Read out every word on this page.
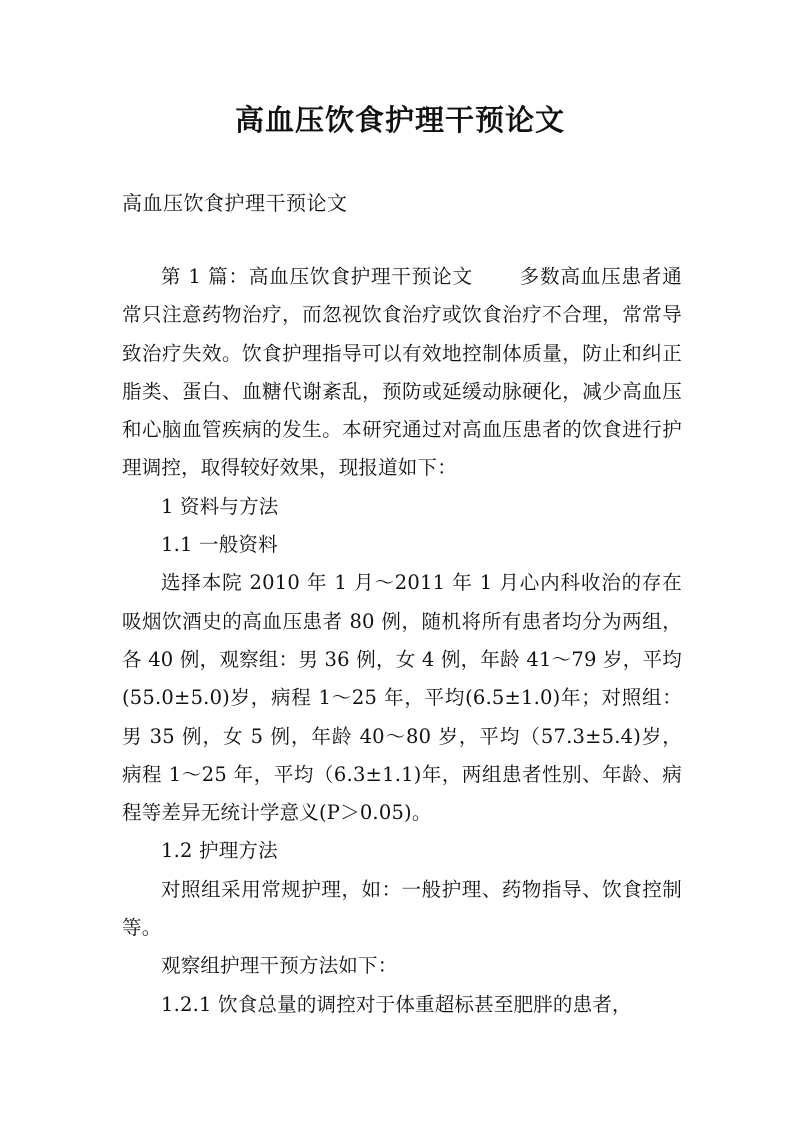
高血压饮食护理干预论文
高血压饮食护理干预论文

第 1 篇：高血压饮食护理干预论文 多数高血压患者通常只注意药物治疗，而忽视饮食治疗或饮食治疗不合理，常常导致治疗失效。饮食护理指导可以有效地控制体质量，防止和纠正脂类、蛋白、血糖代谢紊乱，预防或延缓动脉硬化，减少高血压和心脑血管疾病的发生。本研究通过对高血压患者的饮食进行护理调控，取得较好效果，现报道如下：

1 资料与方法

1.1 一般资料

选择本院 2010 年 1 月～2011 年 1 月心内科收治的存在吸烟饮酒史的高血压患者 80 例，随机将所有患者均分为两组，各 40 例，观察组：男 36 例，女 4 例，年龄 41～79 岁，平均(55.0±5.0)岁，病程 1～25 年，平均(6.5±1.0)年；对照组：男 35 例，女 5 例，年龄 40～80 岁，平均（57.3±5.4)岁，病程 1～25 年，平均（6.3±1.1)年，两组患者性别、年龄、病程等差异无统计学意义(P＞0.05)。

1.2 护理方法

对照组采用常规护理，如：一般护理、药物指导、饮食控制等。

观察组护理干预方法如下：

1.2.1 饮食总量的调控对于体重超标甚至肥胖的患者，
